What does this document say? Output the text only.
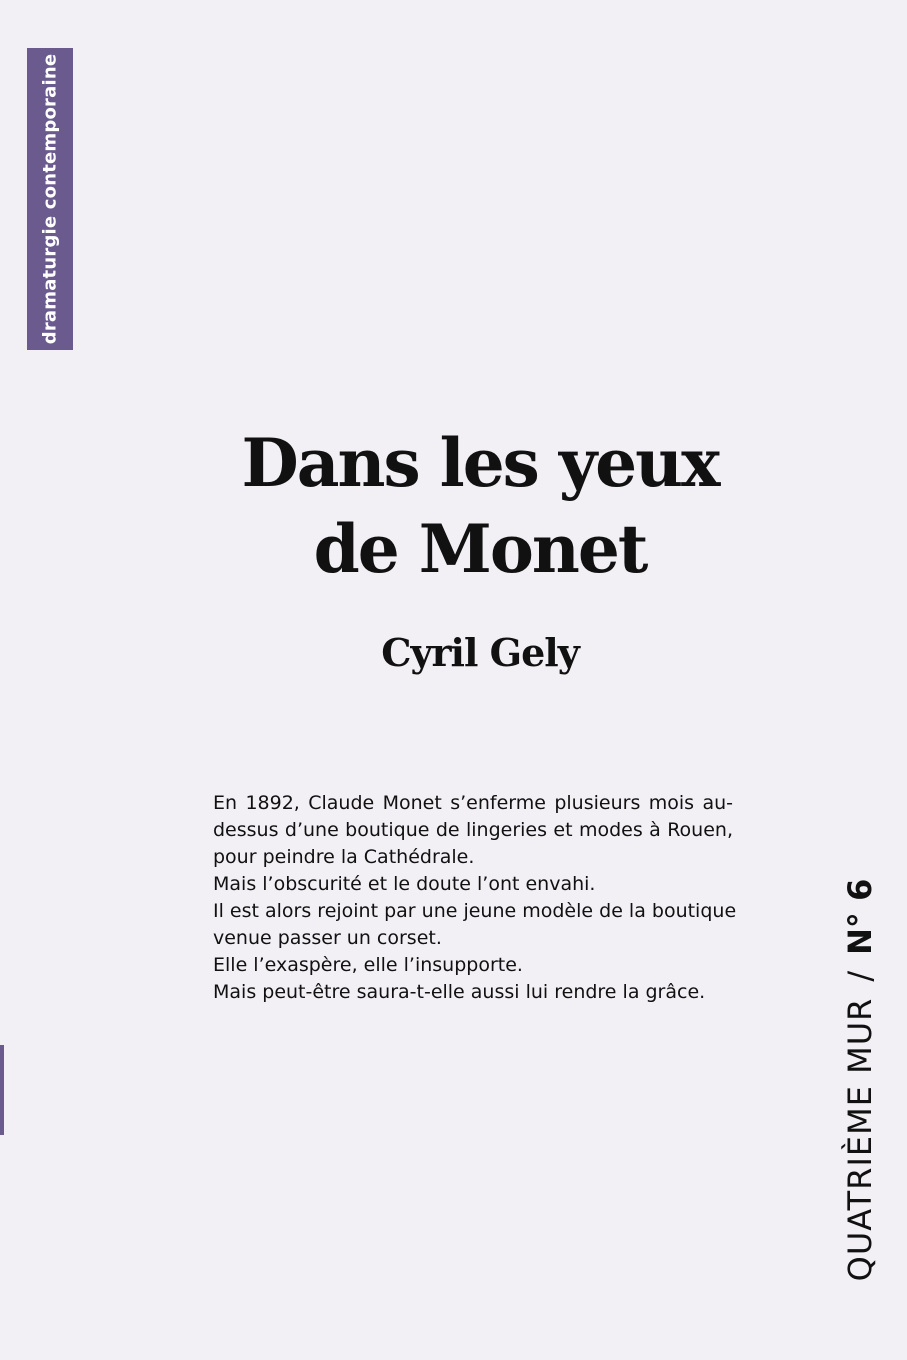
dramaturgie contemporaine
Dans les yeux
de Monet
Cyril Gely
En 1892, Claude Monet s’enferme plusieurs mois au-
dessus d’une boutique de lingeries et modes à Rouen,
pour peindre la Cathédrale.
Mais l’obscurité et le doute l’ont envahi.
Il est alors rejoint par une jeune modèle de la boutique
venue passer un corset.
Elle l’exaspère, elle l’insupporte.
Mais peut-être saura-t-elle aussi lui rendre la grâce.
QUATRIÈME MUR/N° 6
